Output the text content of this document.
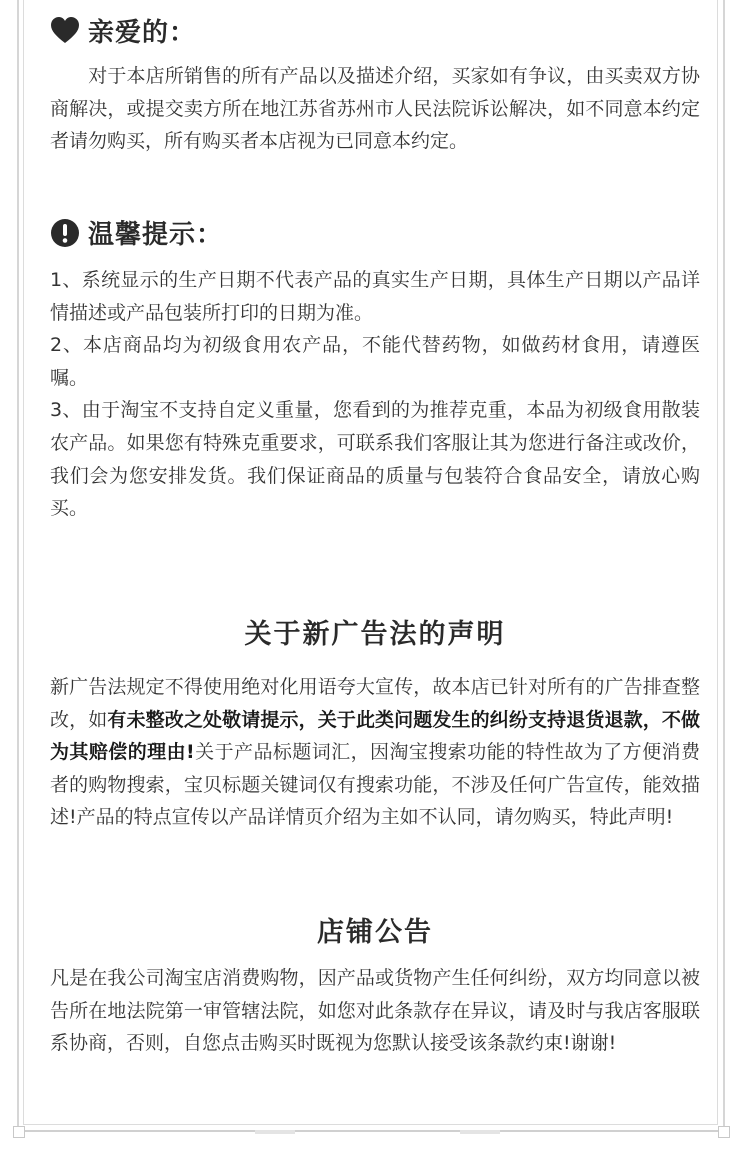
亲爱的：

　　对于本店所销售的所有产品以及描述介绍，买家如有争议，由买卖双方协商解决，或提交卖方所在地江苏省苏州市人民法院诉讼解决，如不同意本约定者请勿购买，所有购买者本店视为已同意本约定。

温馨提示：

1、系统显示的生产日期不代表产品的真实生产日期，具体生产日期以产品详情描述或产品包装所打印的日期为准。

2、本店商品均为初级食用农产品，不能代替药物，如做药材食用，请遵医嘱。

3、由于淘宝不支持自定义重量，您看到的为推荐克重，本品为初级食用散装农产品。如果您有特殊克重要求，可联系我们客服让其为您进行备注或改价，我们会为您安排发货。我们保证商品的质量与包装符合食品安全，请放心购买。

关于新广告法的声明

新广告法规定不得使用绝对化用语夸大宣传，故本店已针对所有的广告排查整改，如有未整改之处敬请提示，关于此类问题发生的纠纷支持退货退款，不做为其赔偿的理由!关于产品标题词汇，因淘宝搜索功能的特性故为了方便消费者的购物搜索，宝贝标题关键词仅有搜索功能，不涉及任何广告宣传，能效描述!产品的特点宣传以产品详情页介绍为主如不认同，请勿购买，特此声明!

店铺公告

凡是在我公司淘宝店消费购物，因产品或货物产生任何纠纷，双方均同意以被告所在地法院第一审管辖法院，如您对此条款存在异议，请及时与我店客服联系协商，否则，自您点击购买时既视为您默认接受该条款约束!谢谢!
